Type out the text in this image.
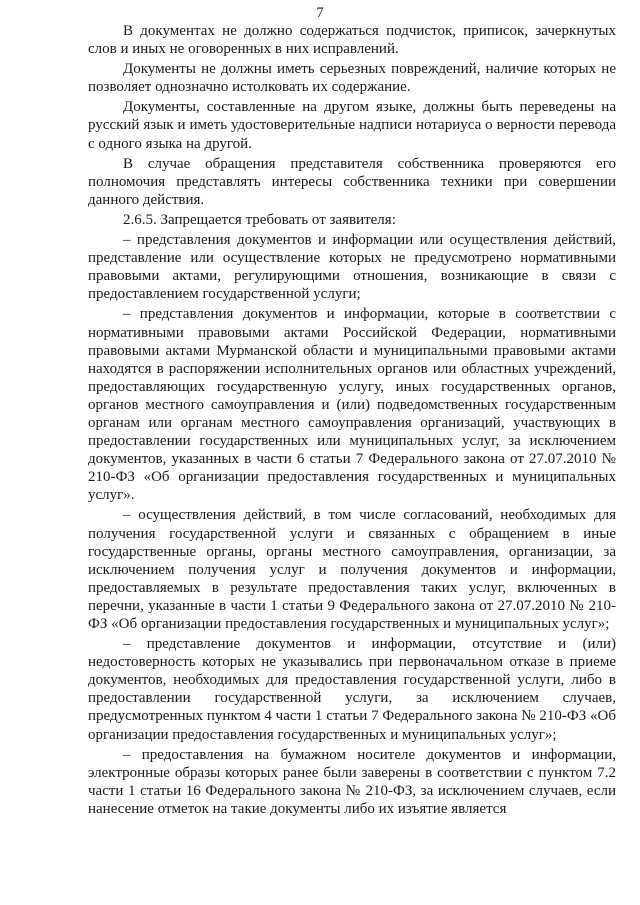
7

В документах не должно содержаться подчисток, приписок, зачеркнутых слов и иных не оговоренных в них исправлений.

Документы не должны иметь серьезных повреждений, наличие которых не позволяет однозначно истолковать их содержание.

Документы, составленные на другом языке, должны быть переведены на русский язык и иметь удостоверительные надписи нотариуса о верности перевода с одного языка на другой.

В случае обращения представителя собственника проверяются его полномочия представлять интересы собственника техники при совершении данного действия.

2.6.5. Запрещается требовать от заявителя:

– представления документов и информации или осуществления действий, представление или осуществление которых не предусмотрено нормативными правовыми актами, регулирующими отношения, возникающие в связи с предоставлением государственной услуги;

– представления документов и информации, которые в соответствии с нормативными правовыми актами Российской Федерации, нормативными правовыми актами Мурманской области и муниципальными правовыми актами находятся в распоряжении исполнительных органов или областных учреждений, предоставляющих государственную услугу, иных государственных органов, органов местного самоуправления и (или) подведомственных государственным органам или органам местного самоуправления организаций, участвующих в предоставлении государственных или муниципальных услуг, за исключением документов, указанных в части 6 статьи 7 Федерального закона от 27.07.2010 № 210-ФЗ «Об организации предоставления государственных и муниципальных услуг».

– осуществления действий, в том числе согласований, необходимых для получения государственной услуги и связанных с обращением в иные государственные органы, органы местного самоуправления, организации, за исключением получения услуг и получения документов и информации, предоставляемых в результате предоставления таких услуг, включенных в перечни, указанные в части 1 статьи 9 Федерального закона от 27.07.2010 № 210-ФЗ «Об организации предоставления государственных и муниципальных услуг»;

– представление документов и информации, отсутствие и (или) недостоверность которых не указывались при первоначальном отказе в приеме документов, необходимых для предоставления государственной услуги, либо в предоставлении государственной услуги, за исключением случаев, предусмотренных пунктом 4 части 1 статьи 7 Федерального закона № 210-ФЗ «Об организации предоставления государственных и муниципальных услуг»;

– предоставления на бумажном носителе документов и информации, электронные образы которых ранее были заверены в соответствии с пунктом 7.2 части 1 статьи 16 Федерального закона № 210-ФЗ, за исключением случаев, если нанесение отметок на такие документы либо их изъятие является
